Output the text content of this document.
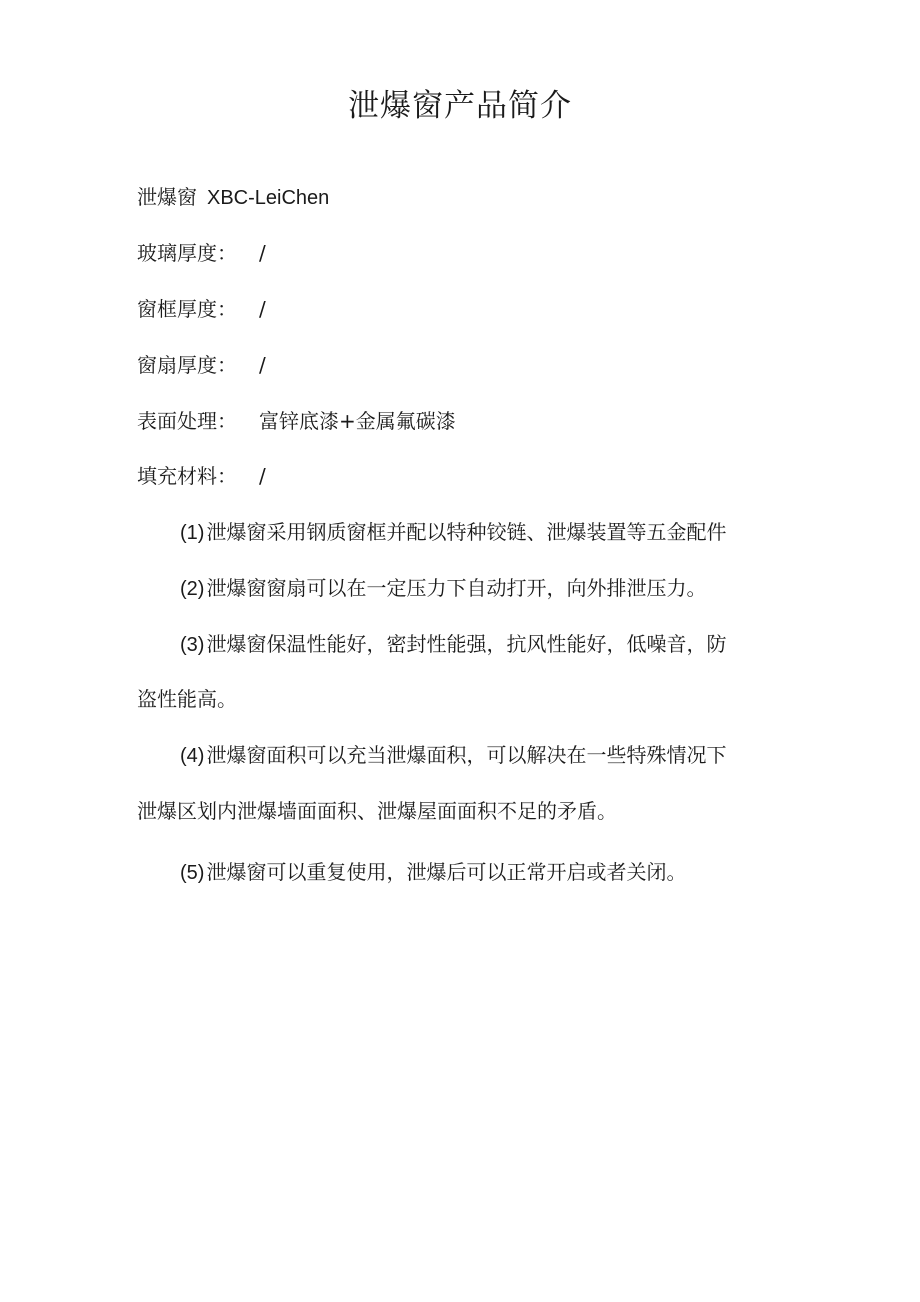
泄爆窗产品简介
泄爆窗 XBC-LeiChen
玻璃厚度： /
窗框厚度： /
窗扇厚度： /
表面处理： 富锌底漆+金属氟碳漆
填充材料： /
(1) 泄爆窗采用钢质窗框并配以特种铰链、泄爆装置等五金配件
(2) 泄爆窗窗扇可以在一定压力下自动打开，向外排泄压力。
(3) 泄爆窗保温性能好，密封性能强，抗风性能好，低噪音，防
盗性能高。
(4) 泄爆窗面积可以充当泄爆面积，可以解决在一些特殊情况下
泄爆区划内泄爆墙面面积、泄爆屋面面积不足的矛盾。
(5) 泄爆窗可以重复使用，泄爆后可以正常开启或者关闭。
